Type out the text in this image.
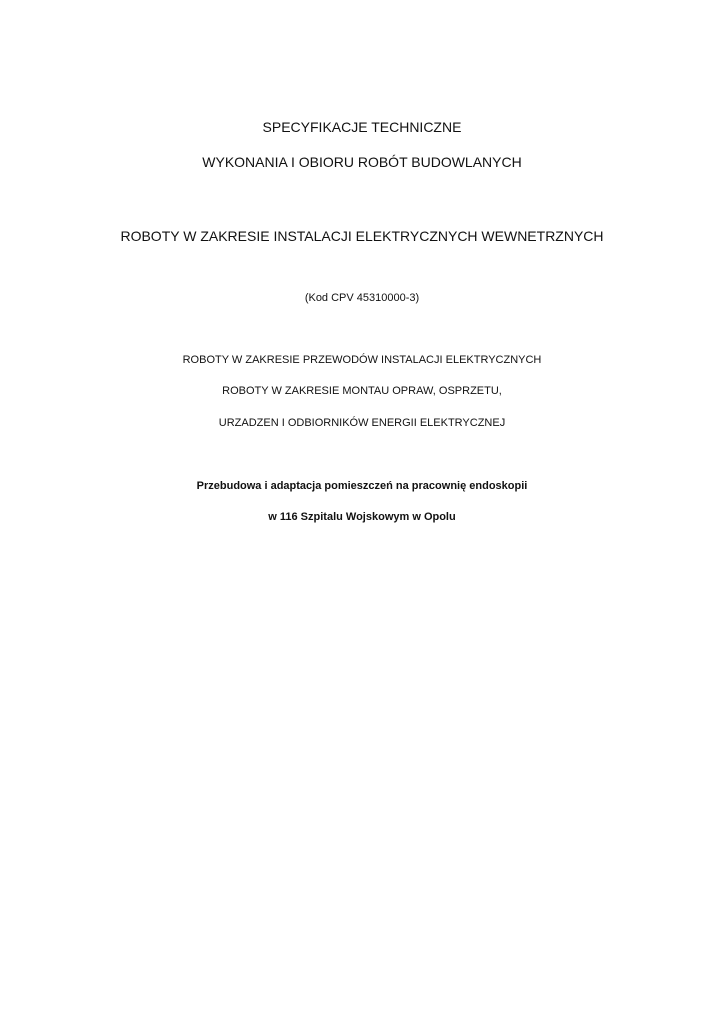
SPECYFIKACJE TECHNICZNE
WYKONANIA I OBIORU ROBÓT BUDOWLANYCH
ROBOTY W ZAKRESIE INSTALACJI ELEKTRYCZNYCH WEWNETRZNYCH
(Kod CPV 45310000-3)
ROBOTY W ZAKRESIE PRZEWODÓW INSTALACJI ELEKTRYCZNYCH
ROBOTY W ZAKRESIE MONTAU OPRAW, OSPRZETU,
URZADZEN I ODBIORNIKÓW ENERGII ELEKTRYCZNEJ
Przebudowa i adaptacja pomieszczeń na pracownię endoskopii
w 116 Szpitalu Wojskowym w Opolu
